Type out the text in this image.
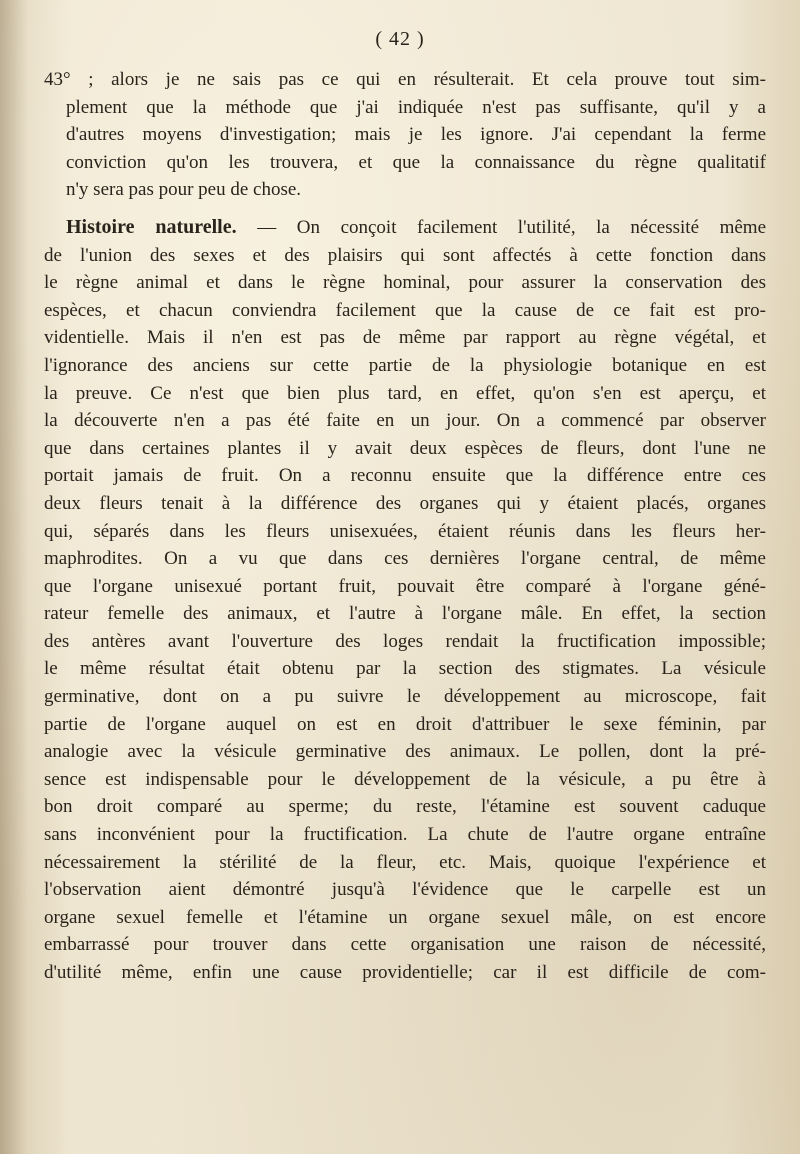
( 42 )
43° ; alors je ne sais pas ce qui en résulterait. Et cela prouve tout sim-
plement que la méthode que j'ai indiquée n'est pas suffisante, qu'il y a
d'autres moyens d'investigation; mais je les ignore. J'ai cependant la ferme
conviction qu'on les trouvera, et que la connaissance du règne qualitatif
n'y sera pas pour peu de chose.
Histoire naturelle. — On conçoit facilement l'utilité, la nécessité même
de l'union des sexes et des plaisirs qui sont affectés à cette fonction dans
le règne animal et dans le règne hominal, pour assurer la conservation des
espèces, et chacun conviendra facilement que la cause de ce fait est pro-
videntielle. Mais il n'en est pas de même par rapport au règne végétal, et
l'ignorance des anciens sur cette partie de la physiologie botanique en est
la preuve. Ce n'est que bien plus tard, en effet, qu'on s'en est aperçu, et
la découverte n'en a pas été faite en un jour. On a commencé par observer
que dans certaines plantes il y avait deux espèces de fleurs, dont l'une ne
portait jamais de fruit. On a reconnu ensuite que la différence entre ces
deux fleurs tenait à la différence des organes qui y étaient placés, organes
qui, séparés dans les fleurs unisexuées, étaient réunis dans les fleurs her-
maphrodites. On a vu que dans ces dernières l'organe central, de même
que l'organe unisexué portant fruit, pouvait être comparé à l'organe géné-
rateur femelle des animaux, et l'autre à l'organe mâle. En effet, la section
des antères avant l'ouverture des loges rendait la fructification impossible;
le même résultat était obtenu par la section des stigmates. La vésicule
germinative, dont on a pu suivre le développement au microscope, fait
partie de l'organe auquel on est en droit d'attribuer le sexe féminin, par
analogie avec la vésicule germinative des animaux. Le pollen, dont la pré-
sence est indispensable pour le développement de la vésicule, a pu être à
bon droit comparé au sperme; du reste, l'étamine est souvent caduque
sans inconvénient pour la fructification. La chute de l'autre organe entraîne
nécessairement la stérilité de la fleur, etc. Mais, quoique l'expérience et
l'observation aient démontré jusqu'à l'évidence que le carpelle est un
organe sexuel femelle et l'étamine un organe sexuel mâle, on est encore
embarrassé pour trouver dans cette organisation une raison de nécessité,
d'utilité même, enfin une cause providentielle; car il est difficile de com-
